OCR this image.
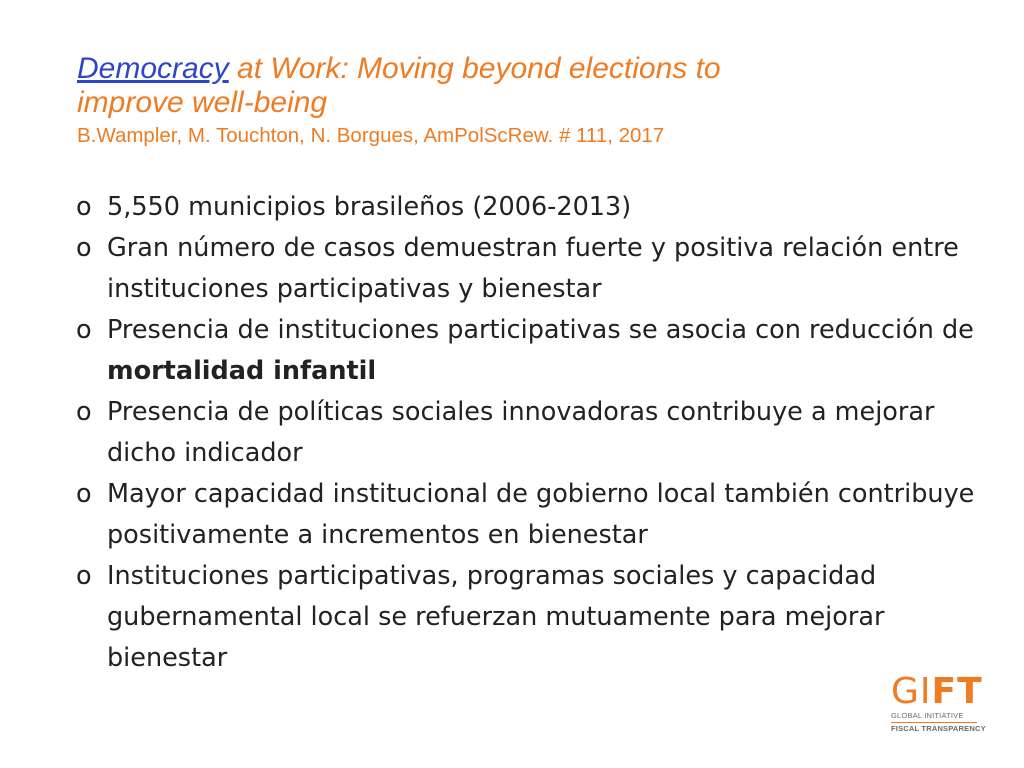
Democracy at Work: Moving beyond elections to

improve well-being

B.Wampler, M. Touchton, N. Borgues, AmPolScRew. # 111, 2017
o 5,550 municipios brasileños (2006-2013)
o Gran número de casos demuestran fuerte y positiva relación entre instituciones participativas y bienestar
o Presencia de instituciones participativas se asocia con reducción de mortalidad infantil
o Presencia de políticas sociales innovadoras contribuye a mejorar dicho indicador
o Mayor capacidad institucional de gobierno local también contribuye positivamente a incrementos en bienestar
o Instituciones participativas, programas sociales y capacidad gubernamental local se refuerzan mutuamente para mejorar bienestar
GIFT
GLOBAL INITIATIVE
FISCAL TRANSPARENCY
